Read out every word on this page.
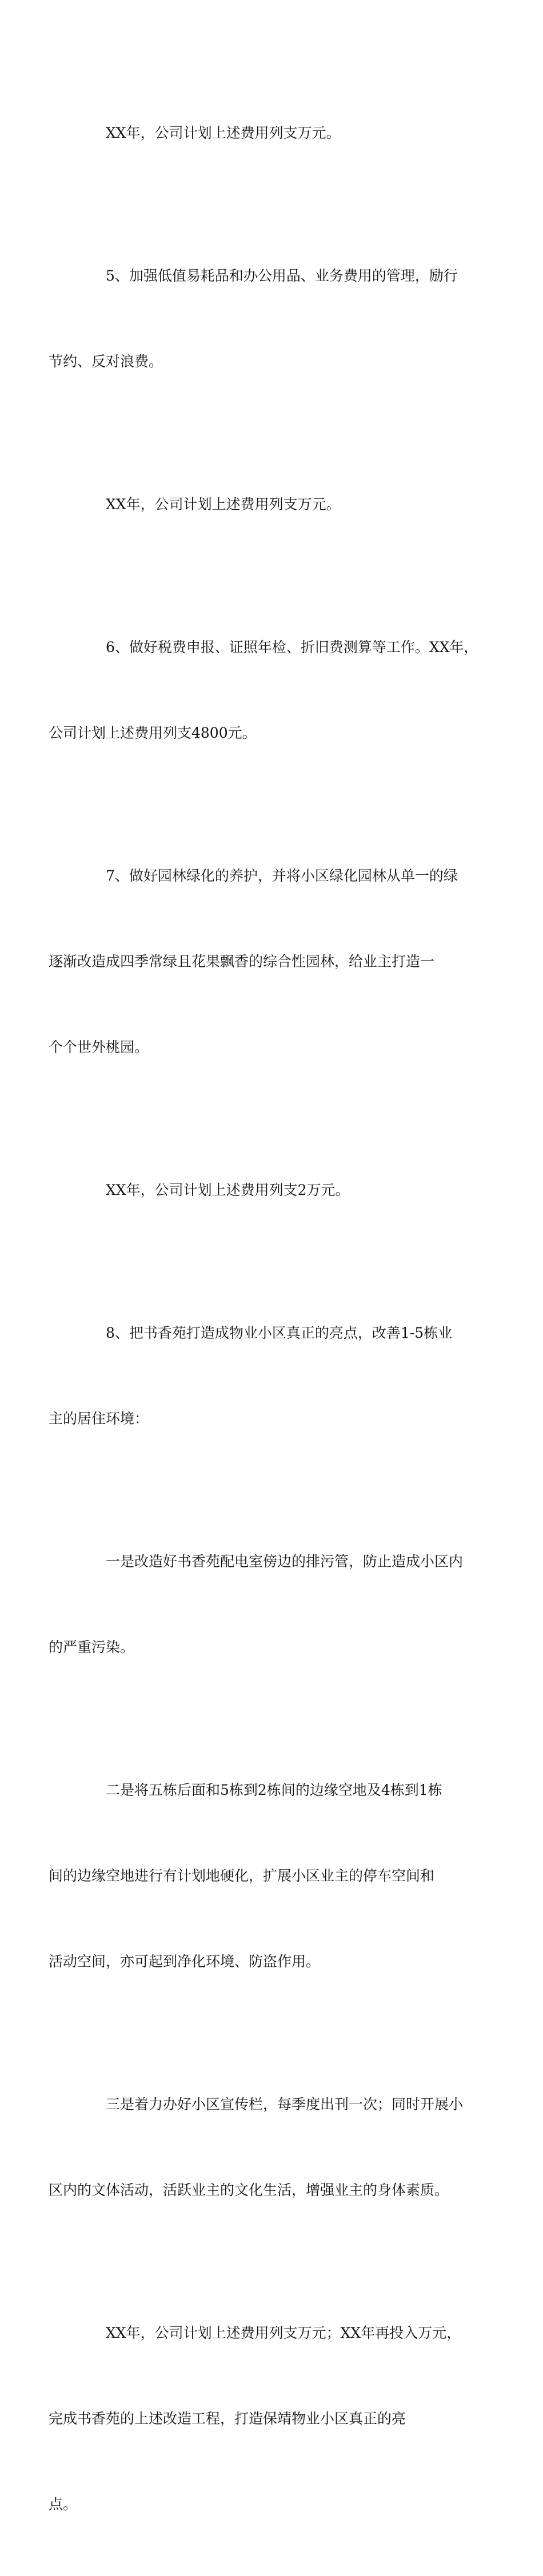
XX年，公司计划上述费用列支万元。

5、加强低值易耗品和办公用品、业务费用的管理，励行

节约、反对浪费。

XX年，公司计划上述费用列支万元。

6、做好税费申报、证照年检、折旧费测算等工作。XX年，

公司计划上述费用列支4800元。

7、做好园林绿化的养护，并将小区绿化园林从单一的绿

逐渐改造成四季常绿且花果飘香的综合性园林，给业主打造一

个个世外桃园。

XX年，公司计划上述费用列支2万元。

8、把书香苑打造成物业小区真正的亮点，改善1-5栋业

主的居住环境：

一是改造好书香苑配电室傍边的排污管，防止造成小区内

的严重污染。

二是将五栋后面和5栋到2栋间的边缘空地及4栋到1栋

间的边缘空地进行有计划地硬化，扩展小区业主的停车空间和

活动空间，亦可起到净化环境、防盗作用。

三是着力办好小区宣传栏，每季度出刊一次；同时开展小

区内的文体活动，活跃业主的文化生活，增强业主的身体素质。

XX年，公司计划上述费用列支万元；XX年再投入万元，

完成书香苑的上述改造工程，打造保靖物业小区真正的亮

点。
